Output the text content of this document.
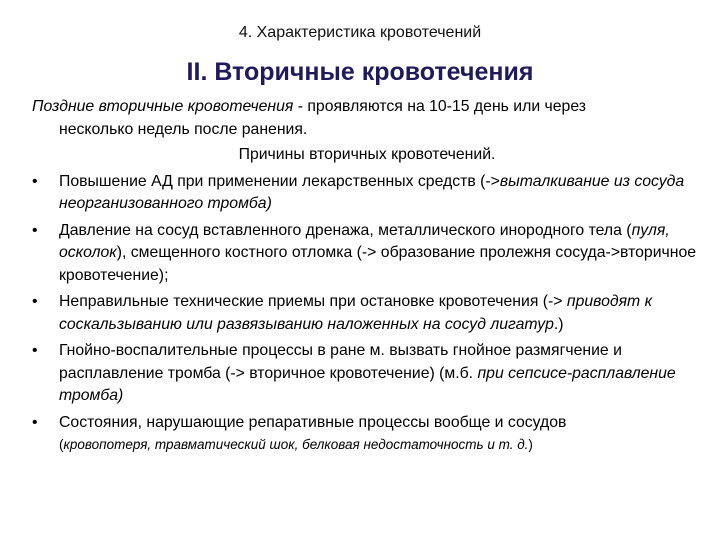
4. Характеристика кровотечений
II. Вторичные кровотечения

Поздние вторичные кровотечения - проявляются на 10-15 день или через

несколько недель после ранения.

Причины вторичных кровотечений.
• Повышение АД при применении лекарственных средств (->выталкивание из сосуда неорганизованного тромба)
• Давление на сосуд вставленного дренажа, металлического инородного тела (пуля, осколок), смещенного костного отломка (-> образование пролежня сосуда->вторичное кровотечение);
• Неправильные технические приемы при остановке кровотечения (-> приводят к соскальзыванию или развязыванию наложенных на сосуд лигатур.)
• Гнойно-воспалительные процессы в ране м. вызвать гнойное размягчение и расплавление тромба (-> вторичное кровотечение) (м.б. при сепсисе-расплавление тромба)
• Состояния, нарушающие репаративные процессы вообще и сосудов
(кровопотеря, травматический шок, белковая недостаточность и т. д.)
